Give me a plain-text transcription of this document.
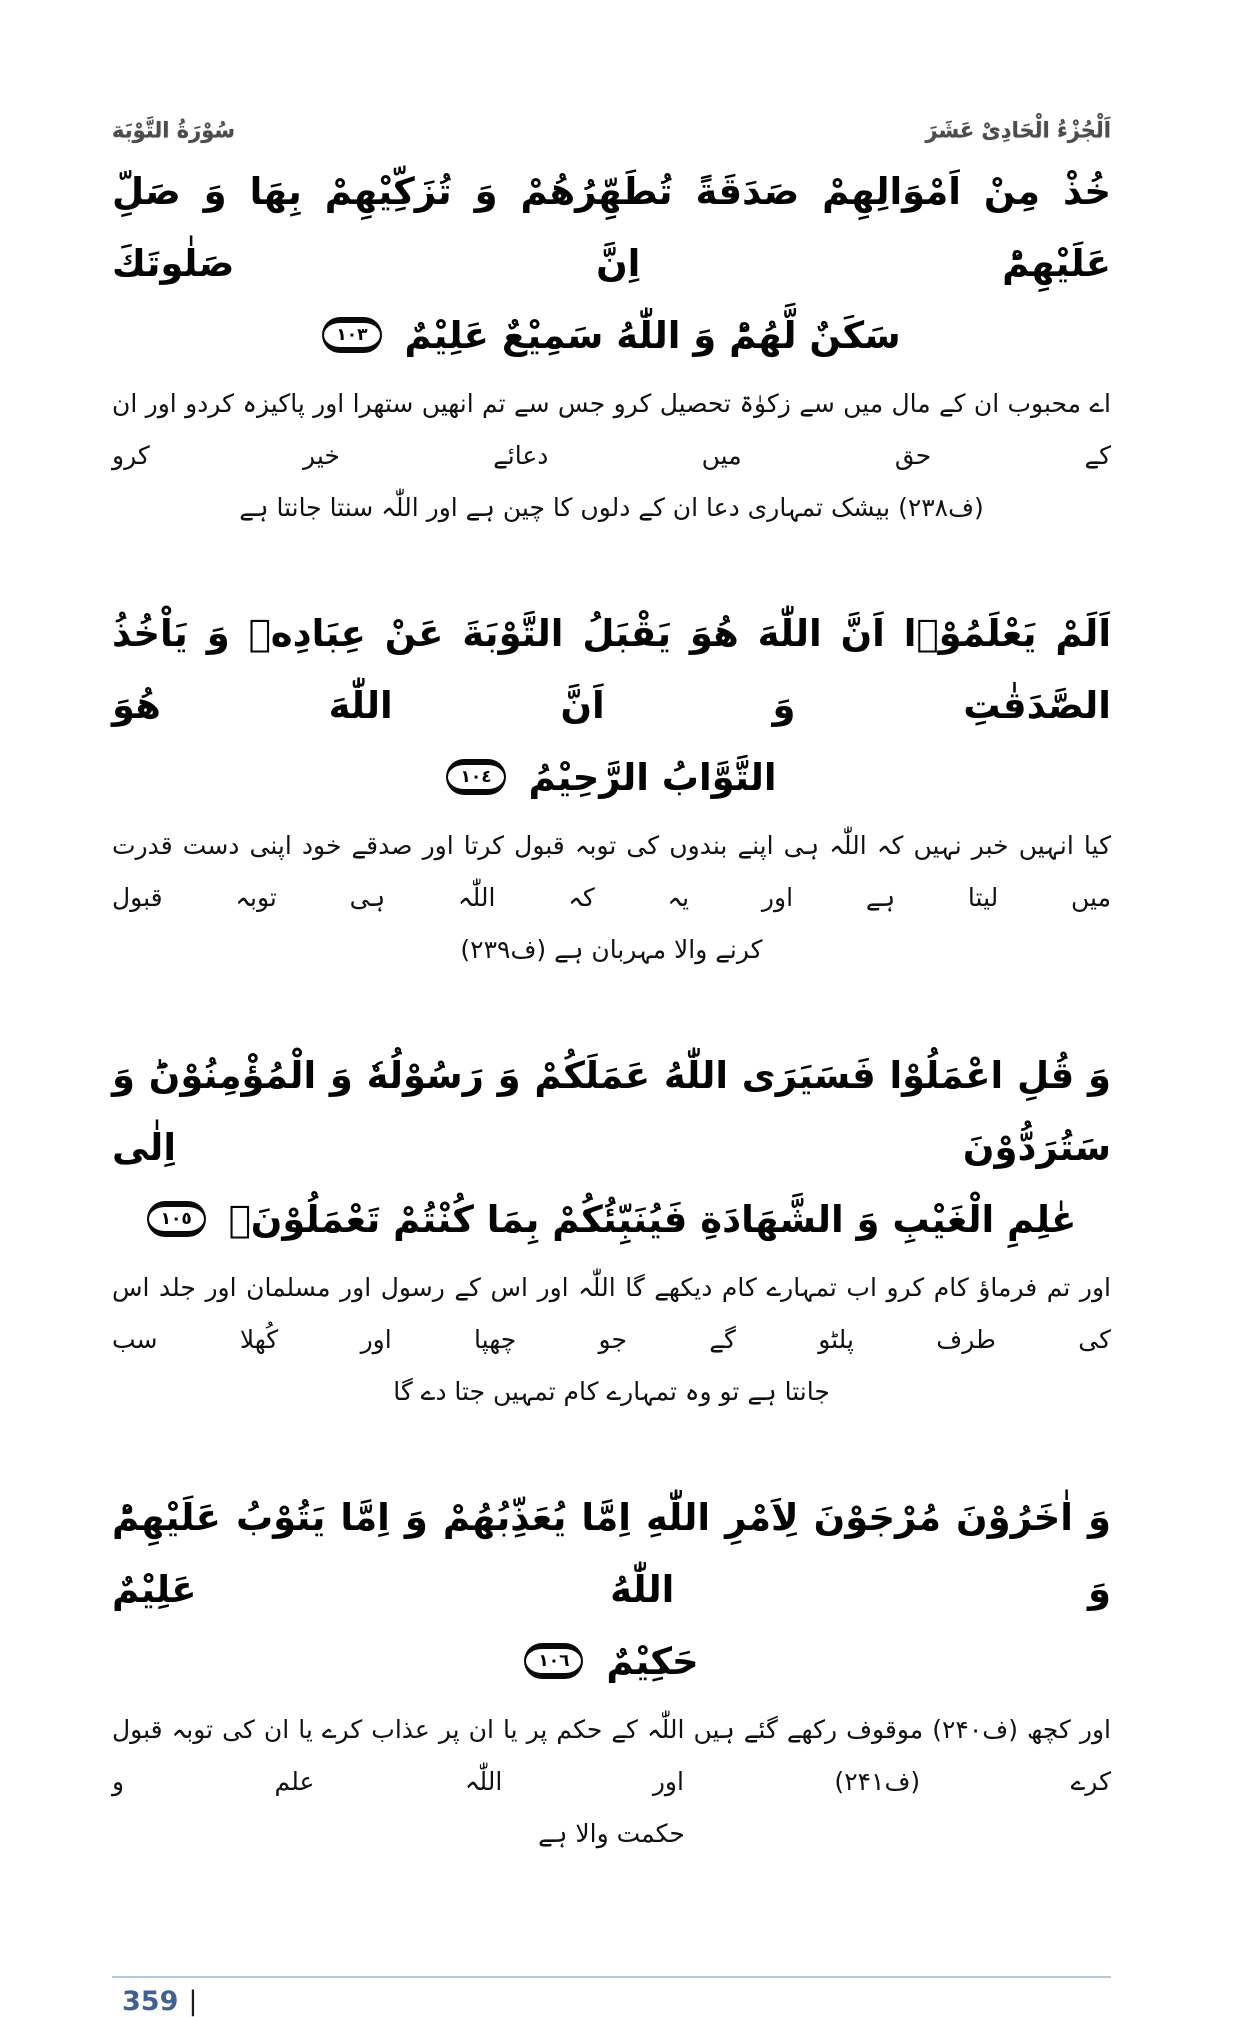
اَلْجُزْءُ الْحَادِیْ عَشَرَ
سُوْرَةُ التَّوْبَة
خُذْ مِنْ اَمْوَالِهِمْ صَدَقَةً تُطَهِّرُهُمْ وَ تُزَكِّیْهِمْ بِهَا وَ صَلِّ عَلَیْهِمْؕ اِنَّ صَلٰوتَكَ
سَكَنٌ لَّهُمْؕ وَ اللّٰهُ سَمِیْعٌ عَلِیْمٌ ١٠٣
اے محبوب ان کے مال میں سے زکوٰۃ تحصیل کرو جس سے تم انھیں ستھرا اور پاکیزہ کردو اور ان کے حق میں دعائے خیر کرو
(ف۲۳۸) بیشک تمہاری دعا ان کے دلوں کا چین ہے اور اللّٰہ سنتا جانتا ہے
اَلَمْ یَعْلَمُوْۤا اَنَّ اللّٰهَ هُوَ یَقْبَلُ التَّوْبَةَ عَنْ عِبَادِهٖ وَ یَاْخُذُ الصَّدَقٰتِ وَ اَنَّ اللّٰهَ هُوَ
التَّوَّابُ الرَّحِیْمُ ١٠٤
کیا انہیں خبر نہیں کہ اللّٰہ ہی اپنے بندوں کی توبہ قبول کرتا اور صدقے خود اپنی دست قدرت میں لیتا ہے اور یہ کہ اللّٰہ ہی توبہ قبول
کرنے والا مہربان ہے (ف۲۳۹)
وَ قُلِ اعْمَلُوْا فَسَیَرَى اللّٰهُ عَمَلَكُمْ وَ رَسُوْلُهٗ وَ الْمُؤْمِنُوْنَؕ وَ سَتُرَدُّوْنَ اِلٰى
عٰلِمِ الْغَیْبِ وَ الشَّهَادَةِ فَیُنَبِّئُكُمْ بِمَا كُنْتُمْ تَعْمَلُوْنَۚ ١٠٥
اور تم فرماؤ کام کرو اب تمہارے کام دیکھے گا اللّٰہ اور اس کے رسول اور مسلمان اور جلد اس کی طرف پلٹو گے جو چھپا اور کُھلا سب
جانتا ہے تو وہ تمہارے کام تمہیں جتا دے گا
وَ اٰخَرُوْنَ مُرْجَوْنَ لِاَمْرِ اللّٰهِ اِمَّا یُعَذِّبُهُمْ وَ اِمَّا یَتُوْبُ عَلَیْهِمْؕ وَ اللّٰهُ عَلِیْمٌ
حَكِیْمٌ ١٠٦
اور کچھ (ف۲۴۰) موقوف رکھے گئے ہیں اللّٰہ کے حکم پر یا ان پر عذاب کرے یا ان کی توبہ قبول کرے (ف۲۴۱) اور اللّٰہ علم و
حکمت والا ہے
359 |
